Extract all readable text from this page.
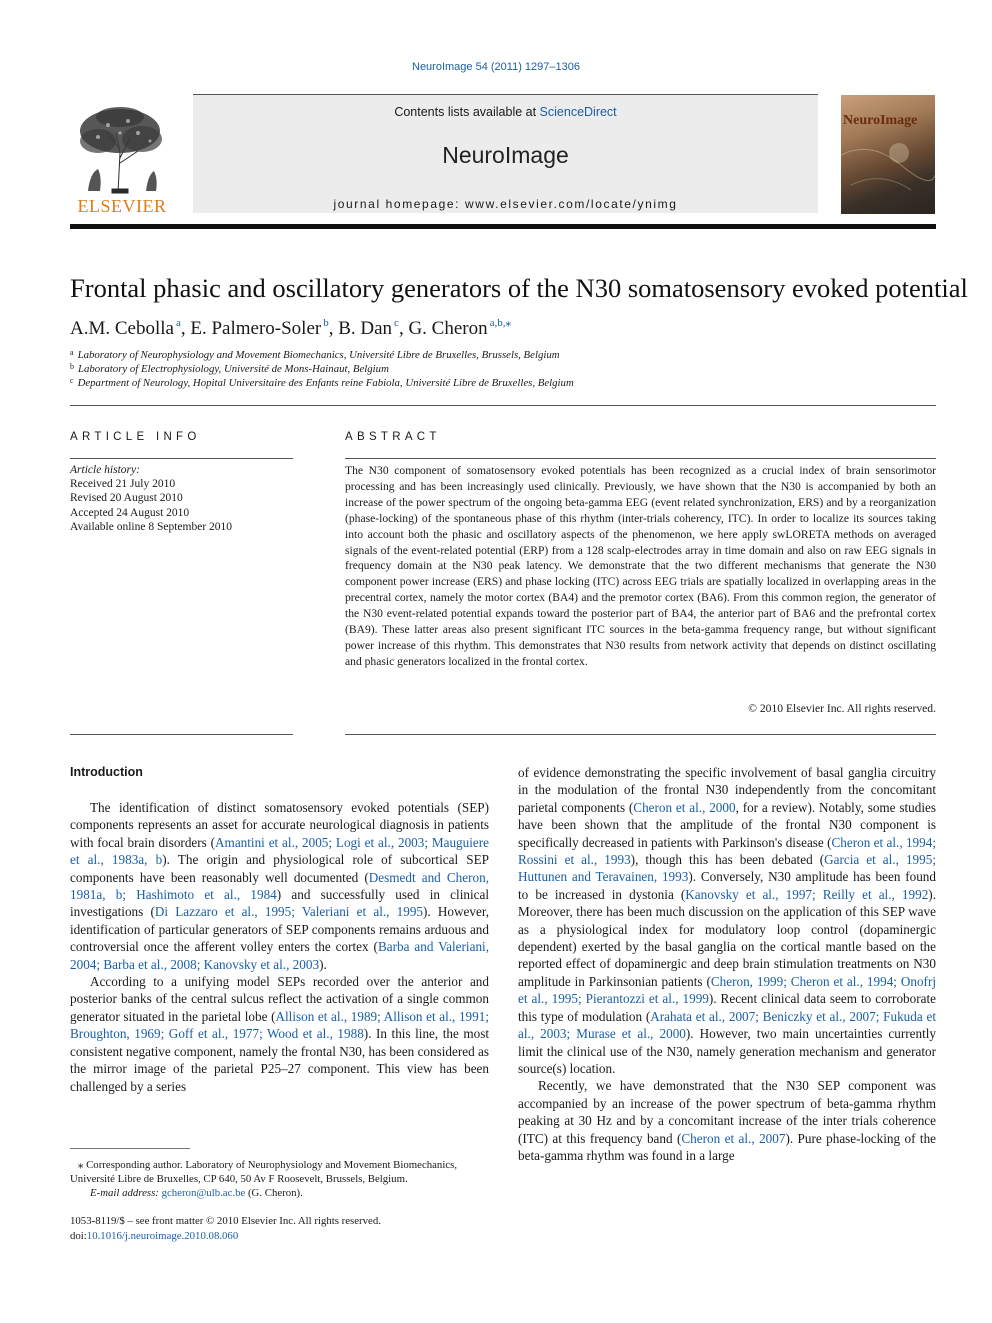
NeuroImage 54 (2011) 1297–1306
ELSEVIER
Contents lists available at ScienceDirect
NeuroImage
journal homepage: www.elsevier.com/locate/ynimg
NeuroImage
Frontal phasic and oscillatory generators of the N30 somatosensory evoked potential
A.M. Cebolla $^a$, E. Palmero-Soler $^b$, B. Dan $^c$, G. Cheron $^{a,b,⁎}$
$^a$ Laboratory of Neurophysiology and Movement Biomechanics, Université Libre de Bruxelles, Brussels, Belgium
$^b$ Laboratory of Electrophysiology, Université de Mons-Hainaut, Belgium
$^c$ Department of Neurology, Hopital Universitaire des Enfants reine Fabiola, Université Libre de Bruxelles, Belgium
ARTICLE INFO
Article history:
Received 21 July 2010
Revised 20 August 2010
Accepted 24 August 2010
Available online 8 September 2010
ABSTRACT
The N30 component of somatosensory evoked potentials has been recognized as a crucial index of brain sensorimotor processing and has been increasingly used clinically. Previously, we have shown that the N30 is accompanied by both an increase of the power spectrum of the ongoing beta-gamma EEG (event related synchronization, ERS) and by a reorganization (phase-locking) of the spontaneous phase of this rhythm (inter-trials coherency, ITC). In order to localize its sources taking into account both the phasic and oscillatory aspects of the phenomenon, we here apply swLORETA methods on averaged signals of the event-related potential (ERP) from a 128 scalp-electrodes array in time domain and also on raw EEG signals in frequency domain at the N30 peak latency. We demonstrate that the two different mechanisms that generate the N30 component power increase (ERS) and phase locking (ITC) across EEG trials are spatially localized in overlapping areas in the precentral cortex, namely the motor cortex (BA4) and the premotor cortex (BA6). From this common region, the generator of the N30 event-related potential expands toward the posterior part of BA4, the anterior part of BA6 and the prefrontal cortex (BA9). These latter areas also present significant ITC sources in the beta-gamma frequency range, but without significant power increase of this rhythm. This demonstrates that N30 results from network activity that depends on distinct oscillating and phasic generators localized in the frontal cortex.
© 2010 Elsevier Inc. All rights reserved.
Introduction

The identification of distinct somatosensory evoked potentials (SEP) components represents an asset for accurate neurological diagnosis in patients with focal brain disorders (Amantini et al., 2005; Logi et al., 2003; Mauguiere et al., 1983a, b). The origin and physiological role of subcortical SEP components have been reasonably well documented (Desmedt and Cheron, 1981a, b; Hashimoto et al., 1984) and successfully used in clinical investigations (Di Lazzaro et al., 1995; Valeriani et al., 1995). However, identification of particular generators of SEP components remains arduous and controversial once the afferent volley enters the cortex (Barba and Valeriani, 2004; Barba et al., 2008; Kanovsky et al., 2003).

According to a unifying model SEPs recorded over the anterior and posterior banks of the central sulcus reflect the activation of a single common generator situated in the parietal lobe (Allison et al., 1989; Allison et al., 1991; Broughton, 1969; Goff et al., 1977; Wood et al., 1988). In this line, the most consistent negative component, namely the frontal N30, has been considered as the mirror image of the parietal P25–27 component. This view has been challenged by a series

of evidence demonstrating the specific involvement of basal ganglia circuitry in the modulation of the frontal N30 independently from the concomitant parietal components (Cheron et al., 2000, for a review). Notably, some studies have been shown that the amplitude of the frontal N30 component is specifically decreased in patients with Parkinson's disease (Cheron et al., 1994; Rossini et al., 1993), though this has been debated (Garcia et al., 1995; Huttunen and Teravainen, 1993). Conversely, N30 amplitude has been found to be increased in dystonia (Kanovsky et al., 1997; Reilly et al., 1992). Moreover, there has been much discussion on the application of this SEP wave as a physiological index for modulatory loop control (dopaminergic dependent) exerted by the basal ganglia on the cortical mantle based on the reported effect of dopaminergic and deep brain stimulation treatments on N30 amplitude in Parkinsonian patients (Cheron, 1999; Cheron et al., 1994; Onofrj et al., 1995; Pierantozzi et al., 1999). Recent clinical data seem to corroborate this type of modulation (Arahata et al., 2007; Beniczky et al., 2007; Fukuda et al., 2003; Murase et al., 2000). However, two main uncertainties currently limit the clinical use of the N30, namely generation mechanism and generator source(s) location.

Recently, we have demonstrated that the N30 SEP component was accompanied by an increase of the power spectrum of beta-gamma rhythm peaking at 30 Hz and by a concomitant increase of the inter trials coherence (ITC) at this frequency band (Cheron et al., 2007). Pure phase-locking of the beta-gamma rhythm was found in a large

⁎ Corresponding author. Laboratory of Neurophysiology and Movement Biomechanics, Université Libre de Bruxelles, CP 640, 50 Av F Roosevelt, Brussels, Belgium.
E-mail address: gcheron@ulb.ac.be (G. Cheron).
1053-8119/$ – see front matter © 2010 Elsevier Inc. All rights reserved.
doi:10.1016/j.neuroimage.2010.08.060
